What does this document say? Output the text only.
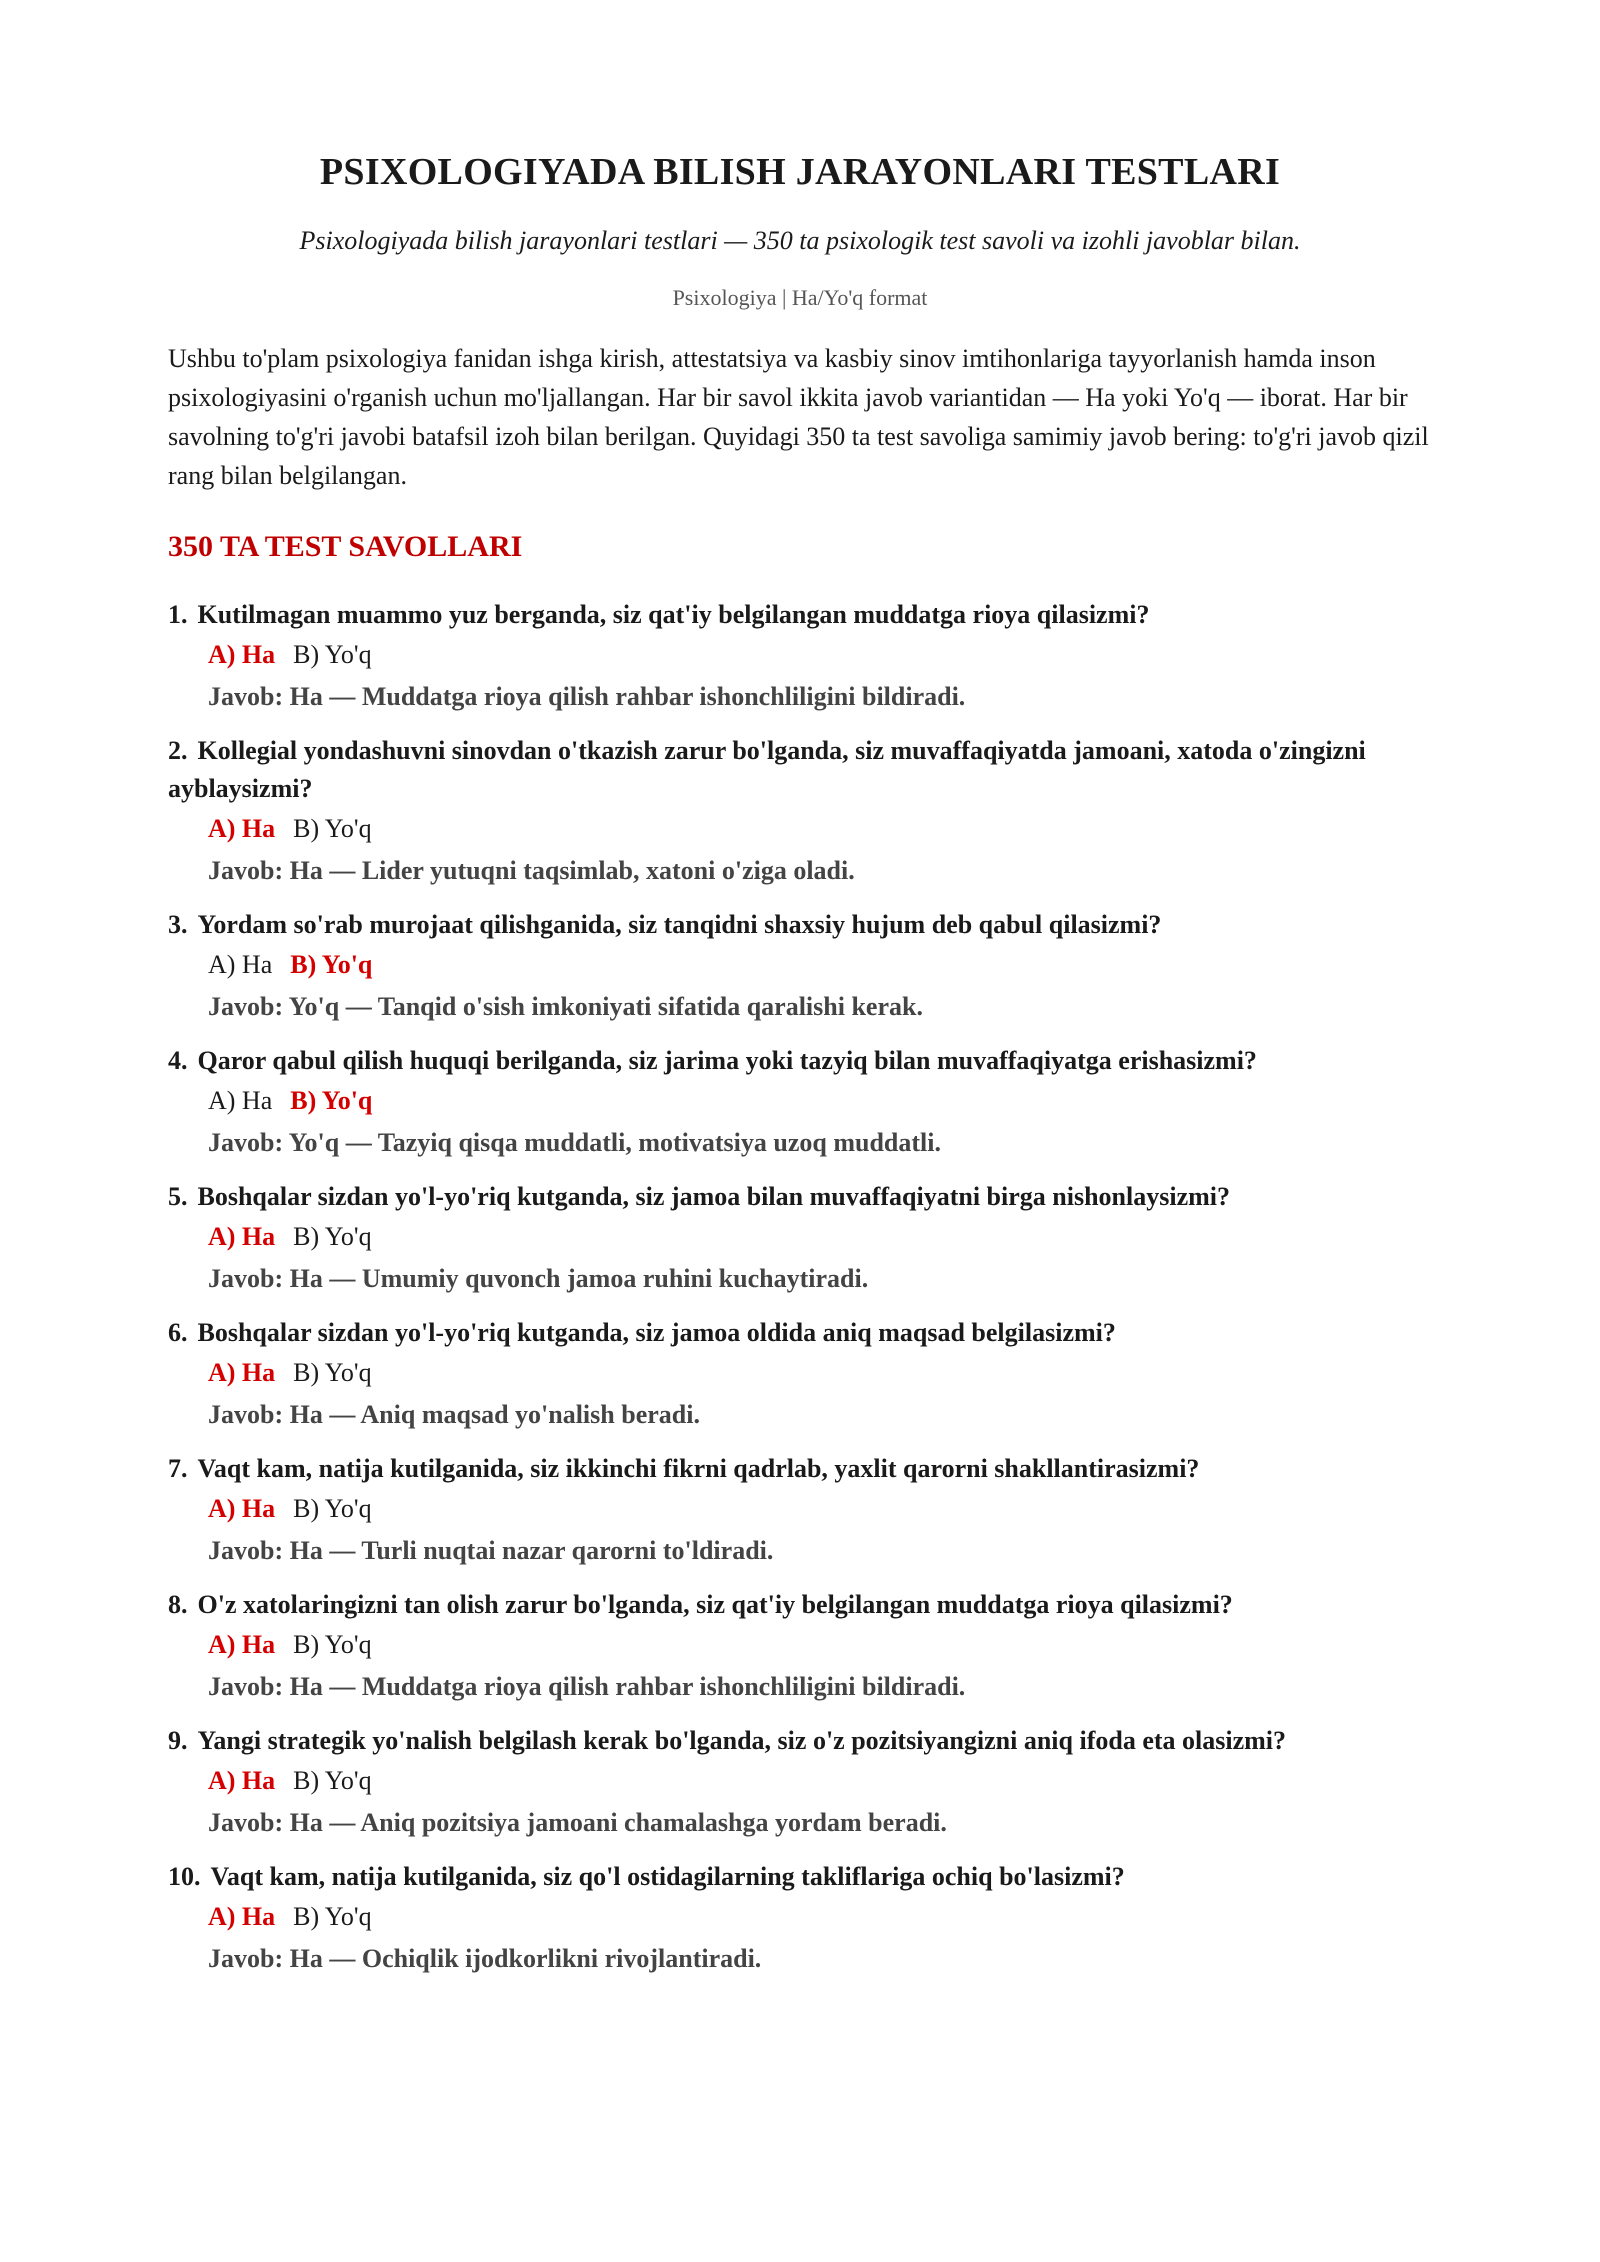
PSIXOLOGIYADA BILISH JARAYONLARI TESTLARI

Psixologiyada bilish jarayonlari testlari — 350 ta psixologik test savoli va izohli javoblar bilan.

Psixologiya | Ha/Yo'q format

Ushbu to'plam psixologiya fanidan ishga kirish, attestatsiya va kasbiy sinov imtihonlariga tayyorlanish hamda inson psixologiyasini o'rganish uchun mo'ljallangan. Har bir savol ikkita javob variantidan — Ha yoki Yo'q — iborat. Har bir savolning to'g'ri javobi batafsil izoh bilan berilgan. Quyidagi 350 ta test savoliga samimiy javob bering: to'g'ri javob qizil rang bilan belgilangan.

350 TA TEST SAVOLLARI

1. Kutilmagan muammo yuz berganda, siz qat'iy belgilangan muddatga rioya qilasizmi?

A) Ha B) Yo'q

Javob: Ha — Muddatga rioya qilish rahbar ishonchliligini bildiradi.

2. Kollegial yondashuvni sinovdan o'tkazish zarur bo'lganda, siz muvaffaqiyatda jamoani, xatoda o'zingizni ayblaysizmi?

A) Ha B) Yo'q

Javob: Ha — Lider yutuqni taqsimlab, xatoni o'ziga oladi.

3. Yordam so'rab murojaat qilishganida, siz tanqidni shaxsiy hujum deb qabul qilasizmi?

A) Ha B) Yo'q

Javob: Yo'q — Tanqid o'sish imkoniyati sifatida qaralishi kerak.

4. Qaror qabul qilish huquqi berilganda, siz jarima yoki tazyiq bilan muvaffaqiyatga erishasizmi?

A) Ha B) Yo'q

Javob: Yo'q — Tazyiq qisqa muddatli, motivatsiya uzoq muddatli.

5. Boshqalar sizdan yo'l-yo'riq kutganda, siz jamoa bilan muvaffaqiyatni birga nishonlaysizmi?

A) Ha B) Yo'q

Javob: Ha — Umumiy quvonch jamoa ruhini kuchaytiradi.

6. Boshqalar sizdan yo'l-yo'riq kutganda, siz jamoa oldida aniq maqsad belgilasizmi?

A) Ha B) Yo'q

Javob: Ha — Aniq maqsad yo'nalish beradi.

7. Vaqt kam, natija kutilganida, siz ikkinchi fikrni qadrlab, yaxlit qarorni shakllantirasizmi?

A) Ha B) Yo'q

Javob: Ha — Turli nuqtai nazar qarorni to'ldiradi.

8. O'z xatolaringizni tan olish zarur bo'lganda, siz qat'iy belgilangan muddatga rioya qilasizmi?

A) Ha B) Yo'q

Javob: Ha — Muddatga rioya qilish rahbar ishonchliligini bildiradi.

9. Yangi strategik yo'nalish belgilash kerak bo'lganda, siz o'z pozitsiyangizni aniq ifoda eta olasizmi?

A) Ha B) Yo'q

Javob: Ha — Aniq pozitsiya jamoani chamalashga yordam beradi.

10. Vaqt kam, natija kutilganida, siz qo'l ostidagilarning takliflariga ochiq bo'lasizmi?

A) Ha B) Yo'q

Javob: Ha — Ochiqlik ijodkorlikni rivojlantiradi.
